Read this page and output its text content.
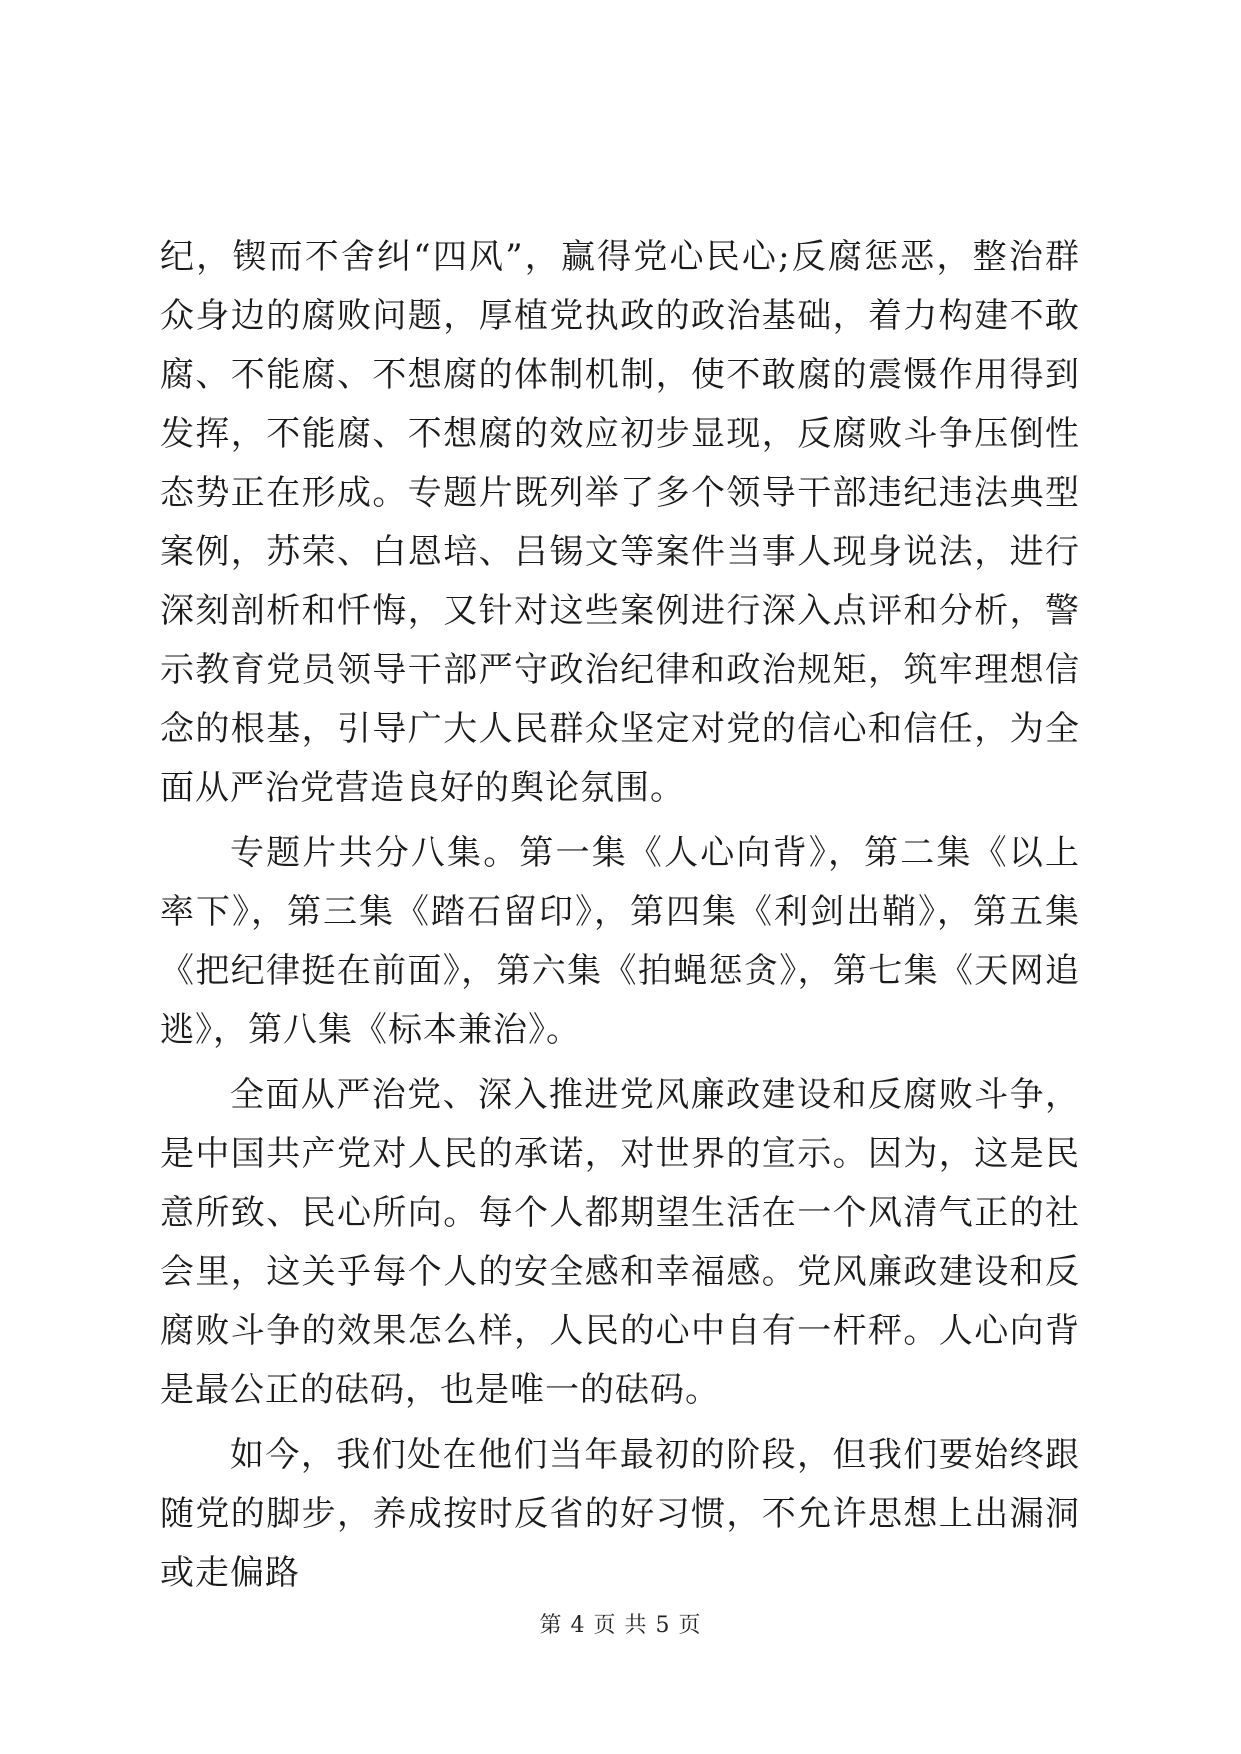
纪，锲而不舍纠“四风”，赢得党心民心;反腐惩恶，整治群众身边的腐败问题，厚植党执政的政治基础，着力构建不敢腐、不能腐、不想腐的体制机制，使不敢腐的震慑作用得到发挥，不能腐、不想腐的效应初步显现，反腐败斗争压倒性态势正在形成。专题片既列举了多个领导干部违纪违法典型案例，苏荣、白恩培、吕锡文等案件当事人现身说法，进行深刻剖析和忏悔，又针对这些案例进行深入点评和分析，警示教育党员领导干部严守政治纪律和政治规矩，筑牢理想信念的根基，引导广大人民群众坚定对党的信心和信任，为全面从严治党营造良好的舆论氛围。

专题片共分八集。第一集《人心向背》，第二集《以上率下》，第三集《踏石留印》，第四集《利剑出鞘》，第五集《把纪律挺在前面》，第六集《拍蝇惩贪》，第七集《天网追逃》，第八集《标本兼治》。

全面从严治党、深入推进党风廉政建设和反腐败斗争，是中国共产党对人民的承诺，对世界的宣示。因为，这是民意所致、民心所向。每个人都期望生活在一个风清气正的社会里，这关乎每个人的安全感和幸福感。党风廉政建设和反腐败斗争的效果怎么样，人民的心中自有一杆秤。人心向背是最公正的砝码，也是唯一的砝码。

如今，我们处在他们当年最初的阶段，但我们要始终跟随党的脚步，养成按时反省的好习惯，不允许思想上出漏洞或走偏路

第 4 页 共 5 页
